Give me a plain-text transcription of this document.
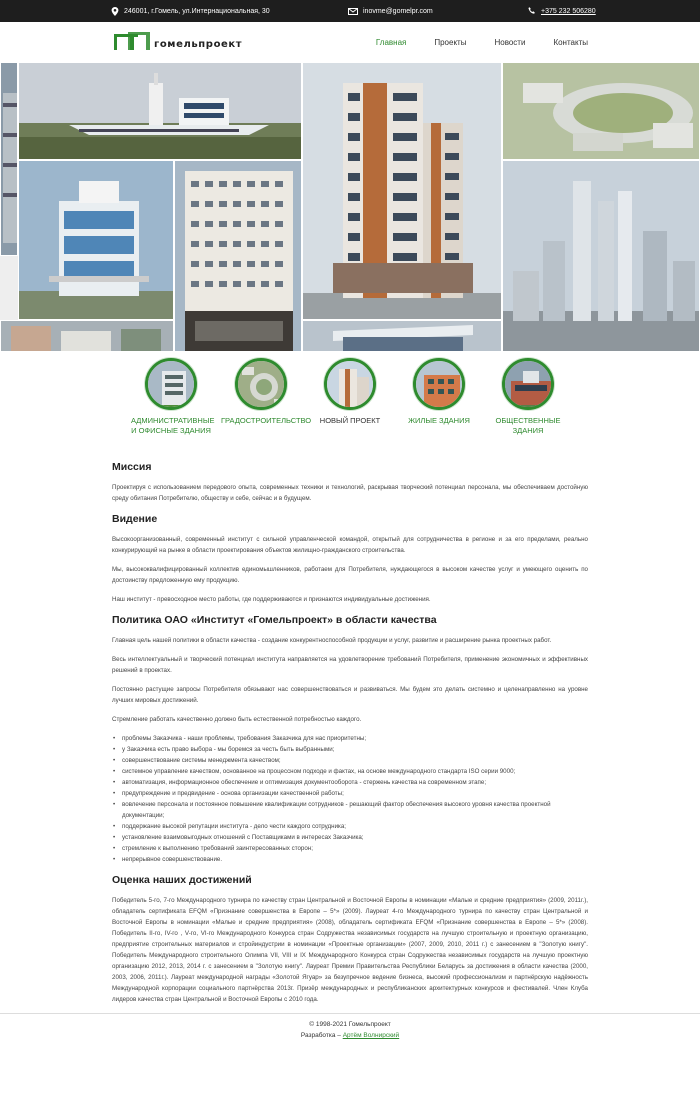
246001, г.Гомель, ул.Интернациональная, 30	inovme@gomelpr.com	+375 232 506280
гомельпроект	Главная	Проекты	Новости	Контакты
АДМИНИСТРАТИВНЫЕ И ОФИСНЫЕ ЗДАНИЯ
ГРАДОСТРОИТЕЛЬСТВО	НОВЫЙ ПРОЕКТ	ЖИЛЫЕ ЗДАНИЯ	ОБЩЕСТВЕННЫЕ ЗДАНИЯ
Миссия

Проектируя с использованием передового опыта, современных техники и технологий, раскрывая творческий потенциал персонала, мы обеспечиваем достойную среду обитания Потребителю, обществу и себе, сейчас и в будущем.

Видение

Высокоорганизованный, современный институт с сильной управленческой командой, открытый для сотрудничества в регионе и за его пределами, реально конкурирующий на рынке в области проектирования объектов жилищно-гражданского строительства.

Мы, высококвалифицированный коллектив единомышленников, работаем для Потребителя, нуждающегося в высоком качестве услуг и умеющего оценить по достоинству предложенную ему продукцию.

Наш институт - превосходное место работы, где поддерживаются и признаются индивидуальные достижения.

Политика ОАО «Институт «Гомельпроект» в области качества

Главная цель нашей политики в области качества - создание конкурентноспособной продукции и услуг, развитие и расширение рынка проектных работ.

Весь интеллектуальный и творческий потенциал института направляется на удовлетворение требований Потребителя, применение экономичных и эффективных решений в проектах.

Постоянно растущие запросы Потребителя обязывают нас совершенствоваться и развиваться. Мы будем это делать системно и целенаправленно на уровне лучших мировых достижений.

Стремление работать качественно должно быть естественной потребностью каждого.

• проблемы Заказчика - наши проблемы, требования Заказчика для нас приоритетны;
• у Заказчика есть право выбора - мы боремся за честь быть выбранными;
• совершенствование системы менеджмента качеством;
• системное управление качеством, основанное на процессном подходе и фактах, на основе международного стандарта ISO серии 9000;
• автоматизация, информационное обеспечение и оптимизация документооборота - стержень качества на современном этапе;
• предупреждение и предвидение - основа организации качественной работы;
• вовлечение персонала и постоянное повышение квалификации сотрудников - решающий фактор обеспечения высокого уровня качества проектной документации;
• поддержание высокой репутации института - дело чести каждого сотрудника;
• установление взаимовыгодных отношений с Поставщиками в интересах Заказчика;
• стремление к выполнению требований заинтересованных сторон;
• непрерывное совершенствование.
Оценка наших достижений

Победитель 5-го, 7-го Международного турнира по качеству стран Центральной и Восточной Европы в номинации «Малые и средние предприятия» (2009, 2011г.), обладатель сертификата EFQM «Признание совершенства в Европе – 5*» (2009). Лауреат 4-го Международного турнира по качеству стран Центральной и Восточной Европы в номинации «Малые и средние предприятия» (2008), обладатель сертификата EFQM «Признание совершенства в Европе – 5*» (2008). Победитель II-го, IV-го , V-го, VI-го Международного Конкурса стран Содружества независимых государств на лучшую строительную и проектную организацию, предприятие строительных материалов и стройиндустрии в номинации «Проектные организации» (2007, 2009, 2010, 2011 г.) с занесением в "Золотую книгу". Победитель Международного строительного Олимпа VII, VIII и IX Международного Конкурса стран Содружества независимых государств на лучшую проектную организацию 2012, 2013, 2014 г. с занесением в "Золотую книгу". Лауреат Премии Правительства Республики Беларусь за достижения в области качества (2000, 2003, 2006, 2011г.). Лауреат международной награды «Золотой Ягуар» за безупречное ведение бизнеса, высокий профессионализм и партнёрскую надёжность Международной корпорации социального партнёрства 2013г. Призёр международных и республиканских архитектурных конкурсов и фестивалей. Член Клуба лидеров качества стран Центральной и Восточной Европы с 2010 года.

© 1998-2021 Гомельпроект
Разработка – Артём Волнирский
